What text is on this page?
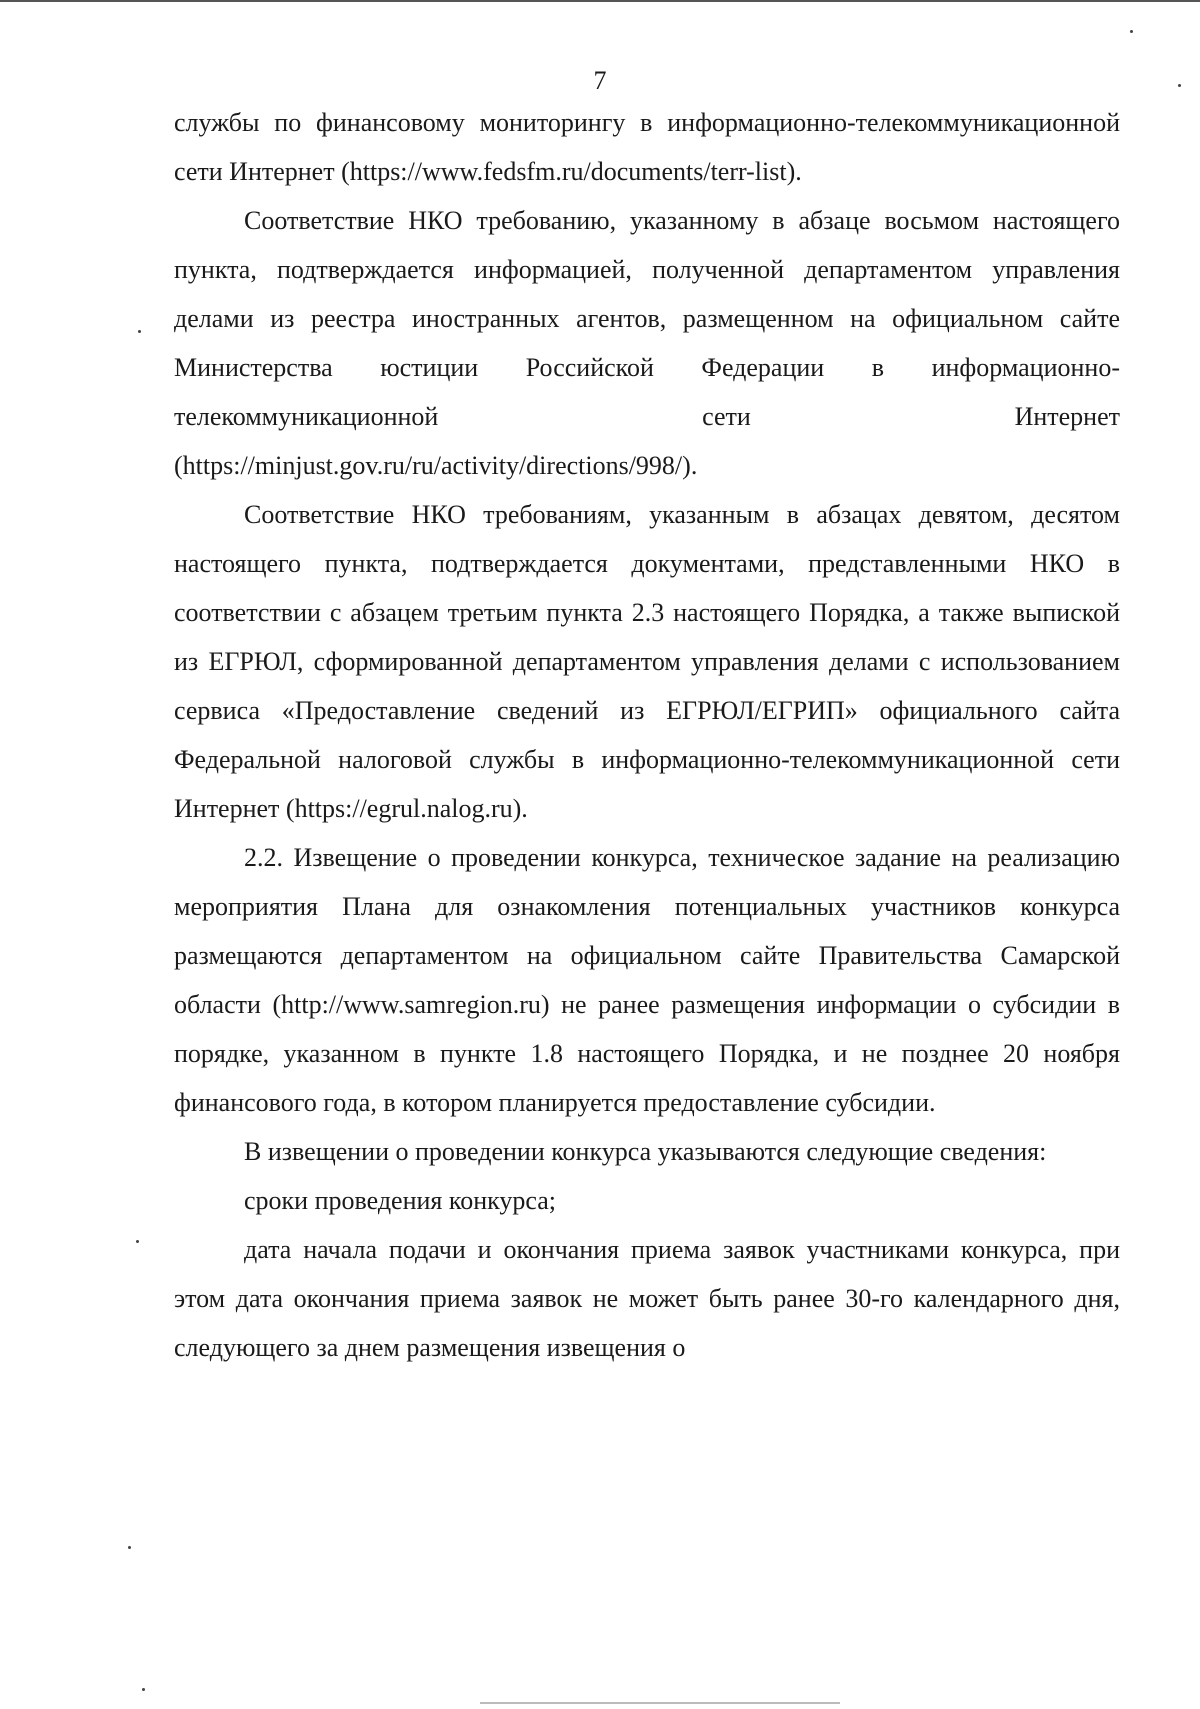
7

службы по финансовому мониторингу в информационно-телекоммуникационной сети Интернет (https://www.fedsfm.ru/documents/terr-list).

Соответствие НКО требованию, указанному в абзаце восьмом настоящего пункта, подтверждается информацией, полученной департаментом управления делами из реестра иностранных агентов, размещенном на официальном сайте Министерства юстиции Российской Федерации в информационно-телекоммуникационной сети Интернет (https://minjust.gov.ru/ru/activity/directions/998/).

Соответствие НКО требованиям, указанным в абзацах девятом, десятом настоящего пункта, подтверждается документами, представленными НКО в соответствии с абзацем третьим пункта 2.3 настоящего Порядка, а также выпиской из ЕГРЮЛ, сформированной департаментом управления делами с использованием сервиса «Предоставление сведений из ЕГРЮЛ/ЕГРИП» официального сайта Федеральной налоговой службы в информационно-телекоммуникационной сети Интернет (https://egrul.nalog.ru).

2.2. Извещение о проведении конкурса, техническое задание на реализацию мероприятия Плана для ознакомления потенциальных участников конкурса размещаются департаментом на официальном сайте Правительства Самарской области (http://www.samregion.ru) не ранее размещения информации о субсидии в порядке, указанном в пункте 1.8 настоящего Порядка, и не позднее 20 ноября финансового года, в котором планируется предоставление субсидии.

В извещении о проведении конкурса указываются следующие сведения:

сроки проведения конкурса;

дата начала подачи и окончания приема заявок участниками конкурса, при этом дата окончания приема заявок не может быть ранее 30-го календарного дня, следующего за днем размещения извещения о
